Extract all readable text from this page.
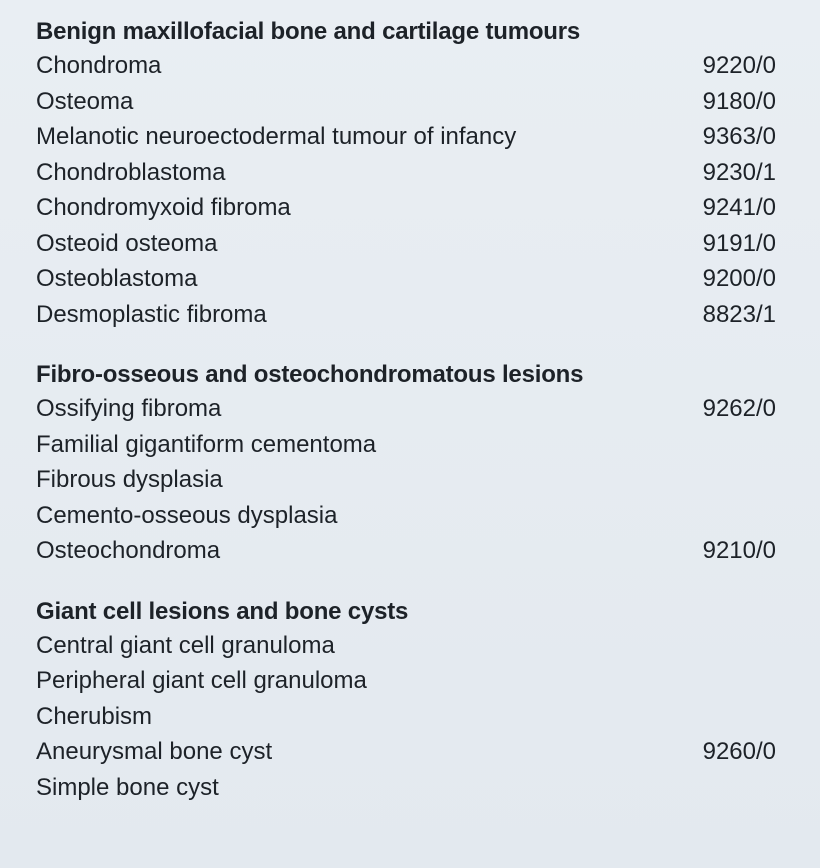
Benign maxillofacial bone and cartilage tumours
Chondroma	9220/0
Osteoma	9180/0
Melanotic neuroectodermal tumour of infancy	9363/0
Chondroblastoma	9230/1
Chondromyxoid fibroma	9241/0
Osteoid osteoma	9191/0
Osteoblastoma	9200/0
Desmoplastic fibroma	8823/1
Fibro-osseous and osteochondromatous lesions
Ossifying fibroma	9262/0
Familial gigantiform cementoma
Fibrous dysplasia
Cemento-osseous dysplasia
Osteochondroma	9210/0
Giant cell lesions and bone cysts
Central giant cell granuloma
Peripheral giant cell granuloma
Cherubism
Aneurysmal bone cyst	9260/0
Simple bone cyst
